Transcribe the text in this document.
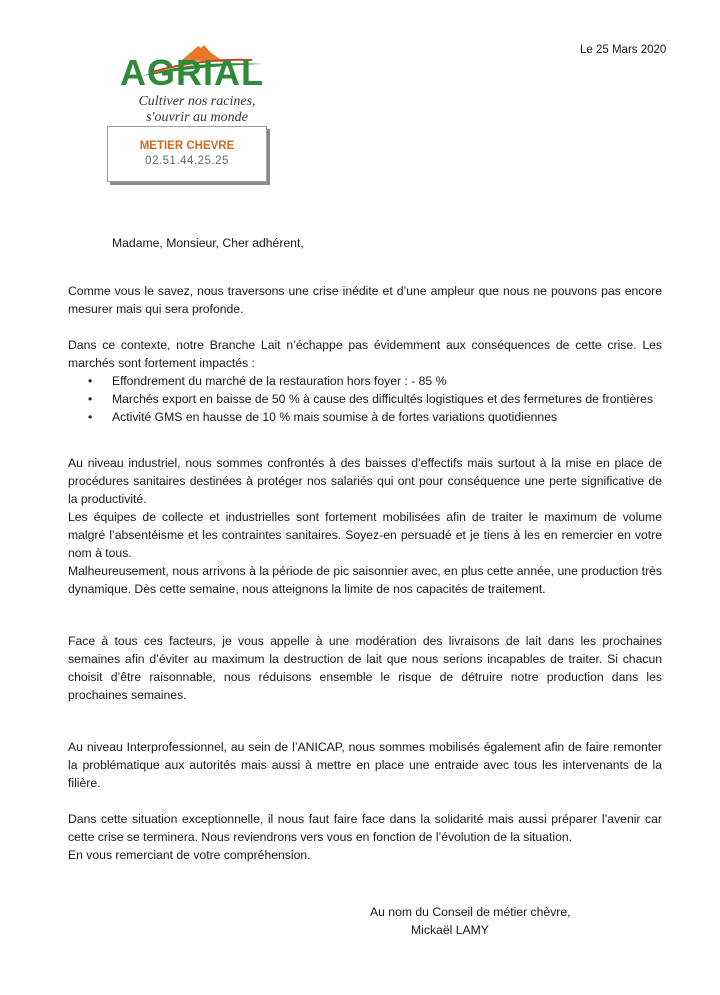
AGRIAL
Cultiver nos racines,
s'ouvrir au monde
Le 25 Mars 2020
METIER CHEVRE
02.51.44.25.25
Madame, Monsieur, Cher adhérent,
Comme vous le savez, nous traversons une crise inédite et d’une ampleur que nous ne pouvons pas encore mesurer mais qui sera profonde.
Dans ce contexte, notre Branche Lait n’échappe pas évidemment aux conséquences de cette crise. Les marchés sont fortement impactés :
• Effondrement du marché de la restauration hors foyer : - 85 %
• Marchés export en baisse de 50 % à cause des difficultés logistiques et des fermetures de frontières
• Activité GMS en hausse de 10 % mais soumise à de fortes variations quotidiennes
Au niveau industriel, nous sommes confrontés à des baisses d’effectifs mais surtout à la mise en place de procédures sanitaires destinées à protéger nos salariés qui ont pour conséquence une perte significative de la productivité.
Les équipes de collecte et industrielles sont fortement mobilisées afin de traiter le maximum de volume malgré l’absentéisme et les contraintes sanitaires. Soyez-en persuadé et je tiens à les en remercier en votre nom à tous.
Malheureusement, nous arrivons à la période de pic saisonnier avec, en plus cette année, une production très dynamique. Dès cette semaine, nous atteignons la limite de nos capacités de traitement.
Face à tous ces facteurs, je vous appelle à une modération des livraisons de lait dans les prochaines semaines afin d’éviter au maximum la destruction de lait que nous serions incapables de traiter. Si chacun choisit d’être raisonnable, nous réduisons ensemble le risque de détruire notre production dans les prochaines semaines.
Au niveau Interprofessionnel, au sein de l’ANICAP, nous sommes mobilisés également afin de faire remonter la problématique aux autorités mais aussi à mettre en place une entraide avec tous les intervenants de la filière.
Dans cette situation exceptionnelle, il nous faut faire face dans la solidarité mais aussi préparer l’avenir car cette crise se terminera. Nous reviendrons vers vous en fonction de l’évolution de la situation.
En vous remerciant de votre compréhension.
Au nom du Conseil de métier chèvre,
Mickaël LAMY
